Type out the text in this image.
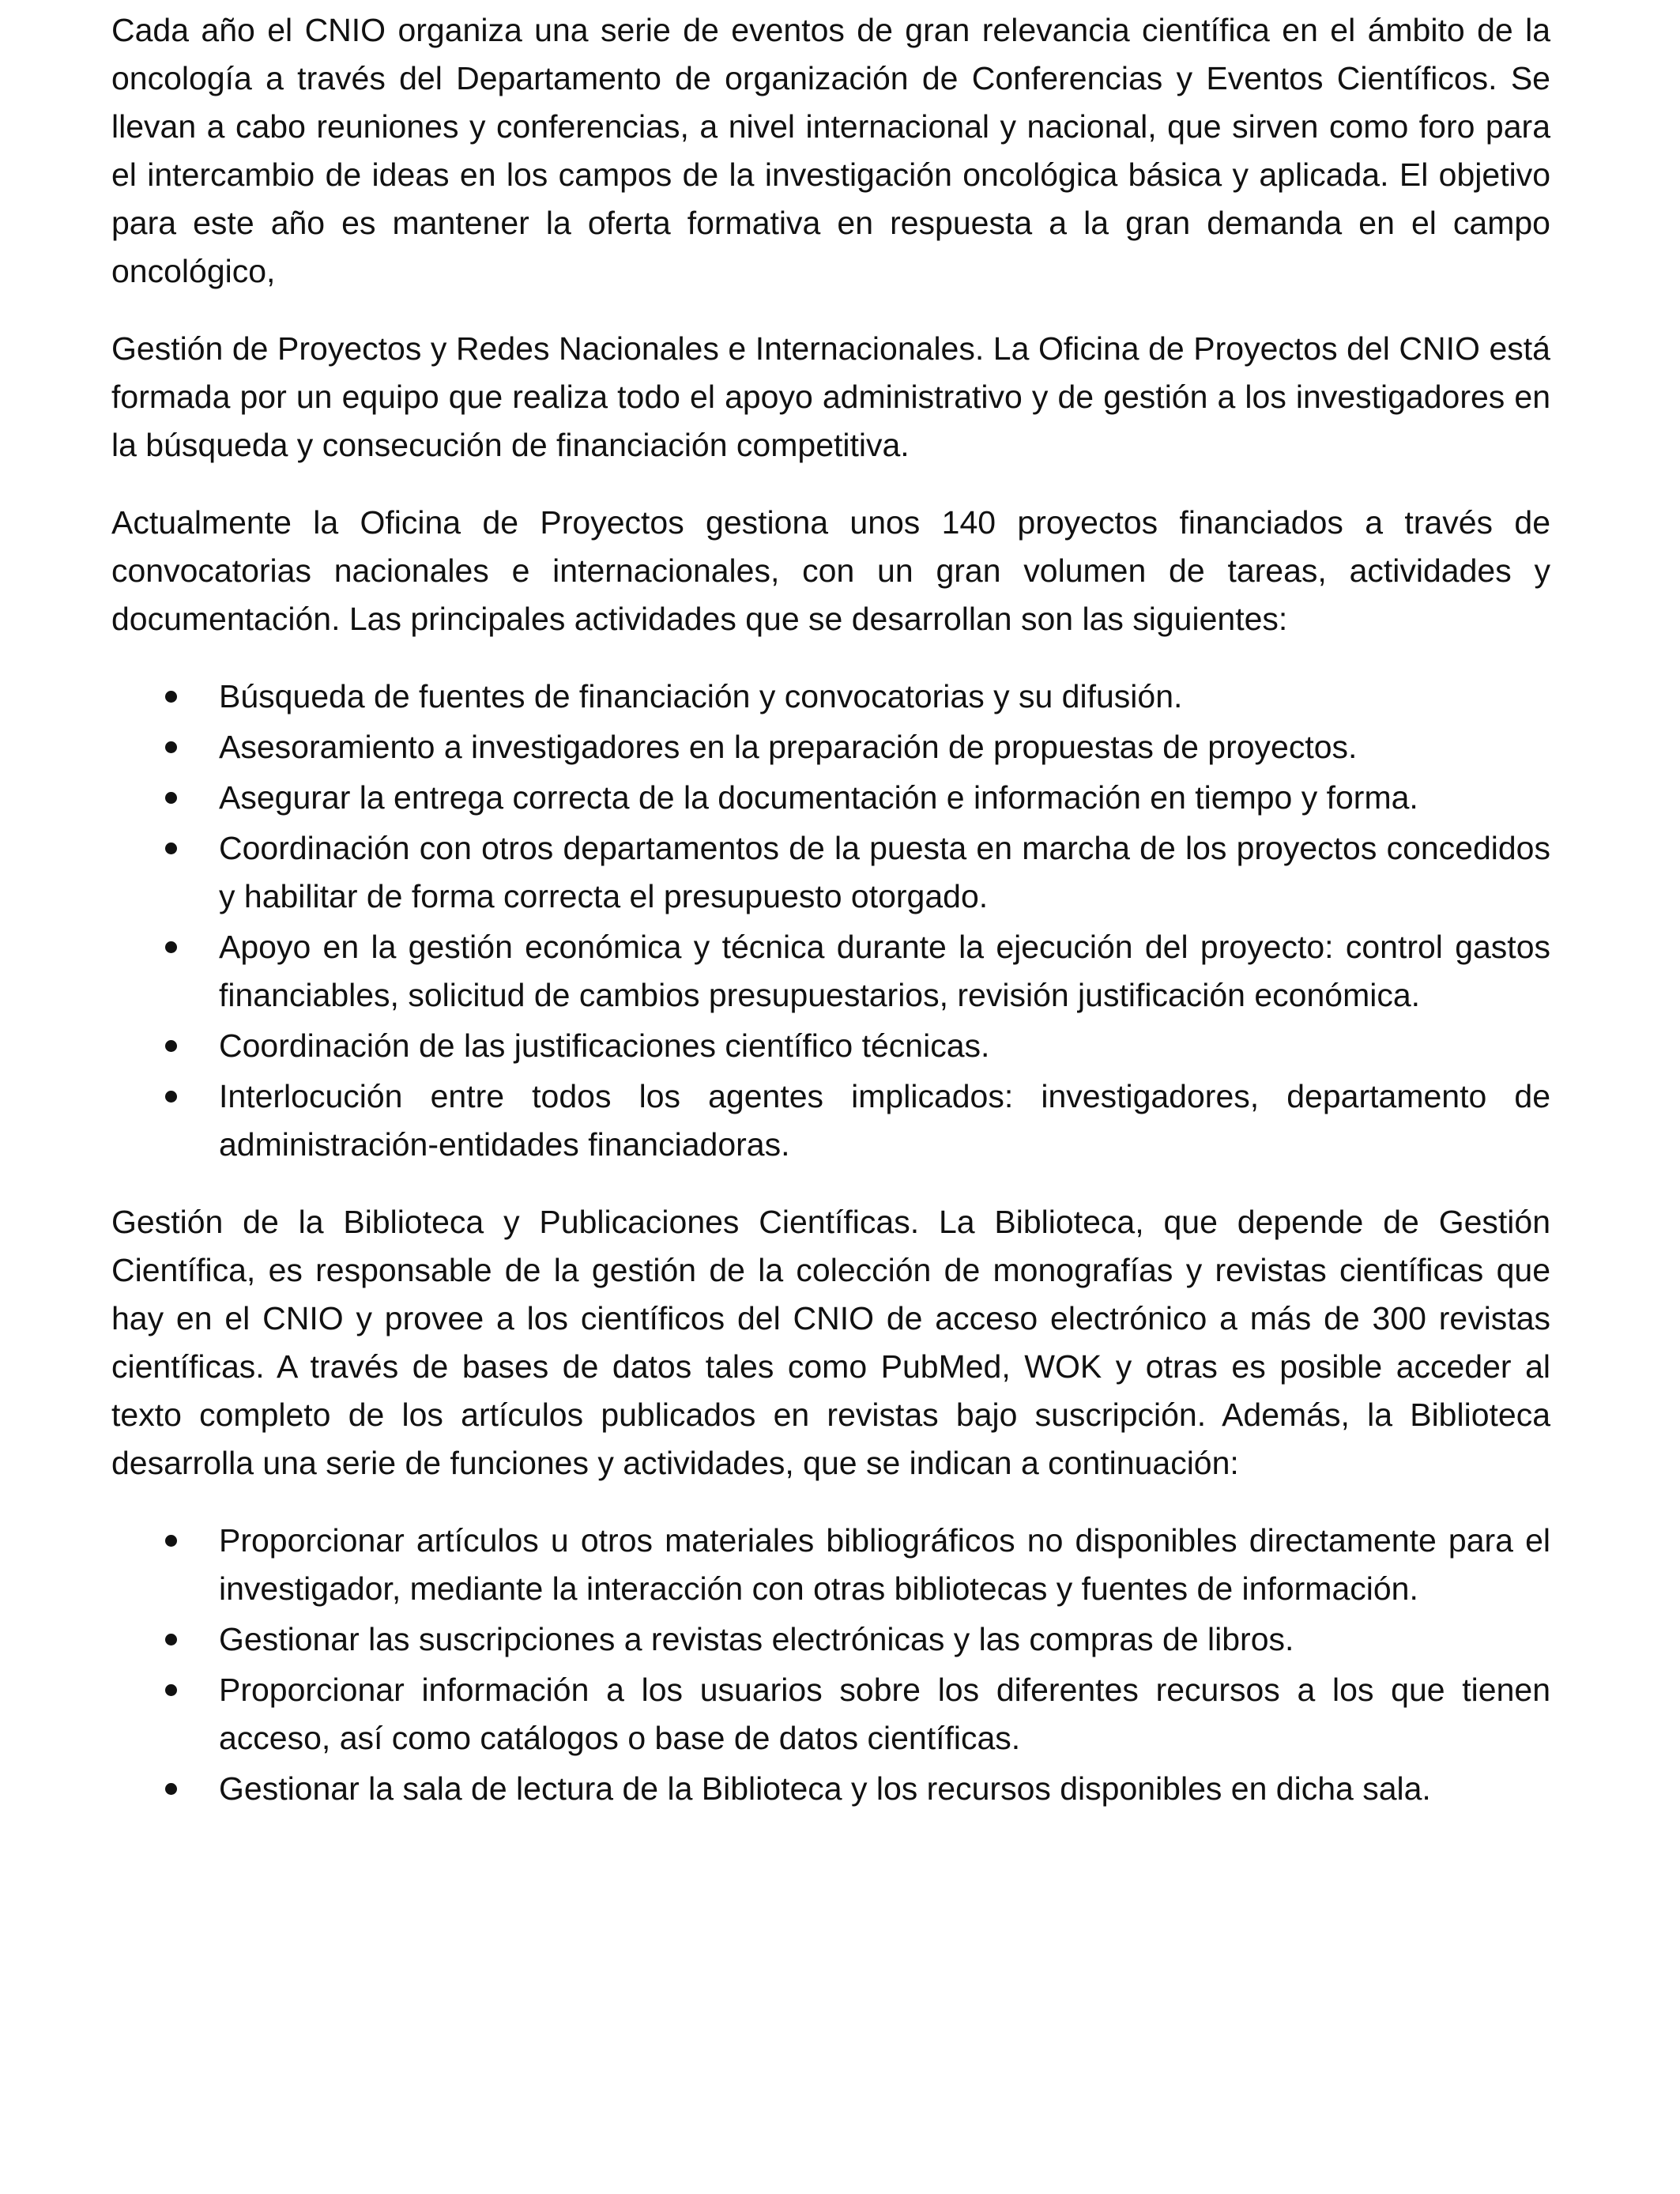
Cada año el CNIO organiza una serie de eventos de gran relevancia científica en el ámbito de la oncología a través del Departamento de organización de Conferencias y Eventos Científicos. Se llevan a cabo reuniones y conferencias, a nivel internacional y nacional, que sirven como foro para el intercambio de ideas en los campos de la investigación oncológica básica y aplicada. El objetivo para este año es mantener la oferta formativa en respuesta a la gran demanda en el campo oncológico,

Gestión de Proyectos y Redes Nacionales e Internacionales. La Oficina de Proyectos del CNIO está formada por un equipo que realiza todo el apoyo administrativo y de gestión a los investigadores en la búsqueda y consecución de financiación competitiva.

Actualmente la Oficina de Proyectos gestiona unos 140 proyectos financiados a través de convocatorias nacionales e internacionales, con un gran volumen de tareas, actividades y documentación. Las principales actividades que se desarrollan son las siguientes:

Búsqueda de fuentes de financiación y convocatorias y su difusión.
Asesoramiento a investigadores en la preparación de propuestas de proyectos.
Asegurar la entrega correcta de la documentación e información en tiempo y forma.
Coordinación con otros departamentos de la puesta en marcha de los proyectos concedidos y habilitar de forma correcta el presupuesto otorgado.
Apoyo en la gestión económica y técnica durante la ejecución del proyecto: control gastos financiables, solicitud de cambios presupuestarios, revisión justificación económica.
Coordinación de las justificaciones científico técnicas.
Interlocución entre todos los agentes implicados: investigadores, departamento de administración-entidades financiadoras.

Gestión de la Biblioteca y Publicaciones Científicas. La Biblioteca, que depende de Gestión Científica, es responsable de la gestión de la colección de monografías y revistas científicas que hay en el CNIO y provee a los científicos del CNIO de acceso electrónico a más de 300 revistas científicas. A través de bases de datos tales como PubMed, WOK y otras es posible acceder al texto completo de los artículos publicados en revistas bajo suscripción. Además, la Biblioteca desarrolla una serie de funciones y actividades, que se indican a continuación:

Proporcionar artículos u otros materiales bibliográficos no disponibles directamente para el investigador, mediante la interacción con otras bibliotecas y fuentes de información.
Gestionar las suscripciones a revistas electrónicas y las compras de libros.
Proporcionar información a los usuarios sobre los diferentes recursos a los que tienen acceso, así como catálogos o base de datos científicas.
Gestionar la sala de lectura de la Biblioteca y los recursos disponibles en dicha sala.
